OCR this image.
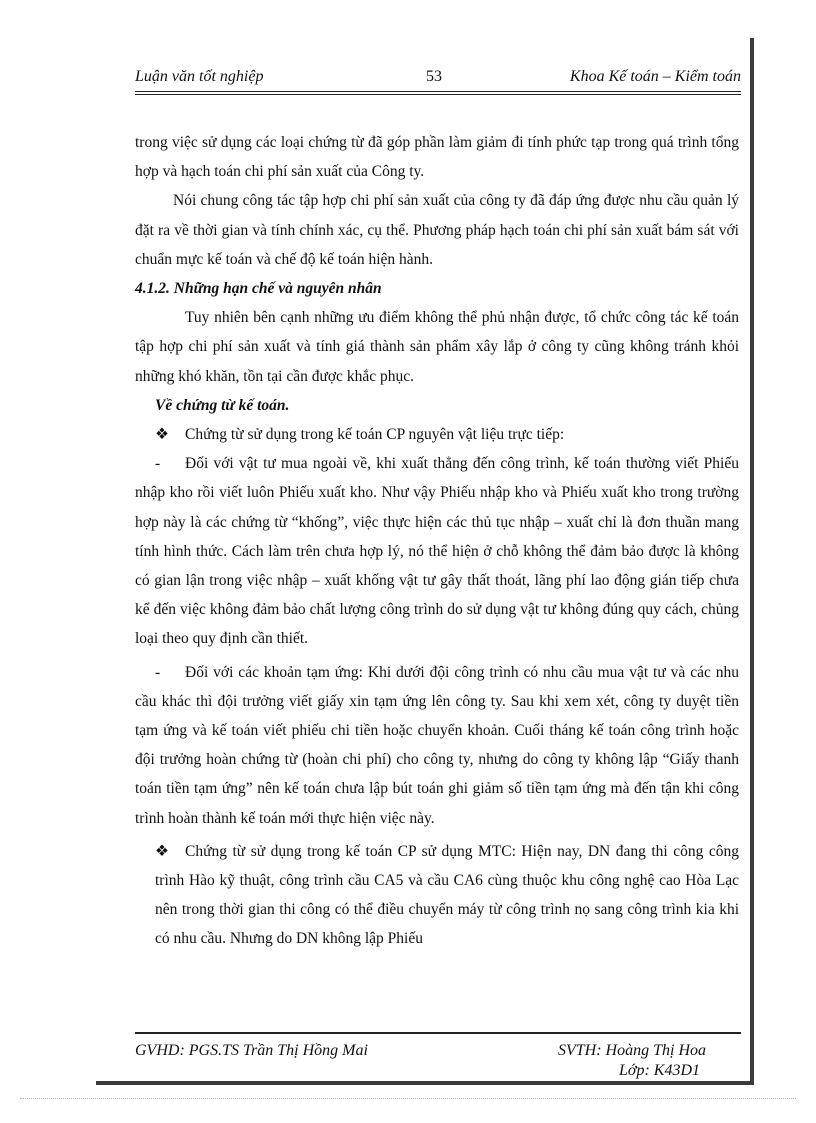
Luận văn tốt nghiệp	53	Khoa Kế toán – Kiểm toán

trong việc sử dụng các loại chứng từ đã góp phần làm giảm đi tính phức tạp trong quá trình tổng hợp và hạch toán chi phí sản xuất của Công ty.

Nói chung công tác tập hợp chi phí sản xuất của công ty đã đáp ứng được nhu cầu quản lý đặt ra về thời gian và tính chính xác, cụ thể. Phương pháp hạch toán chi phí sản xuất bám sát với chuẩn mực kế toán và chế độ kế toán hiện hành.

4.1.2. Những hạn chế và nguyên nhân

Tuy nhiên bên cạnh những ưu điểm không thể phủ nhận được, tổ chức công tác kế toán tập hợp chi phí sản xuất và tính giá thành sản phẩm xây lắp ở công ty cũng không tránh khỏi những khó khăn, tồn tại cần được khắc phục.

Về chứng từ kế toán.

❖ Chứng từ sử dụng trong kế toán CP nguyên vật liệu trực tiếp:

- Đối với vật tư mua ngoài về, khi xuất thẳng đến công trình, kế toán thường viết Phiếu nhập kho rồi viết luôn Phiếu xuất kho. Như vậy Phiếu nhập kho và Phiếu xuất kho trong trường hợp này là các chứng từ “khống”, việc thực hiện các thủ tục nhập – xuất chỉ là đơn thuần mang tính hình thức. Cách làm trên chưa hợp lý, nó thể hiện ở chỗ không thể đảm bảo được là không có gian lận trong việc nhập – xuất khống vật tư gây thất thoát, lãng phí lao động gián tiếp chưa kể đến việc không đảm bảo chất lượng công trình do sử dụng vật tư không đúng quy cách, chủng loại theo quy định cần thiết.

- Đối với các khoản tạm ứng: Khi dưới đội công trình có nhu cầu mua vật tư và các nhu cầu khác thì đội trưởng viết giấy xin tạm ứng lên công ty. Sau khi xem xét, công ty duyệt tiền tạm ứng và kế toán viết phiếu chi tiền hoặc chuyển khoản. Cuối tháng kế toán công trình hoặc đội trưởng hoàn chứng từ (hoàn chi phí) cho công ty, nhưng do công ty không lập “Giấy thanh toán tiền tạm ứng” nên kế toán chưa lập bút toán ghi giảm số tiền tạm ứng mà đến tận khi công trình hoàn thành kế toán mới thực hiện việc này.

❖ Chứng từ sử dụng trong kế toán CP sử dụng MTC: Hiện nay, DN đang thi công công trình Hào kỹ thuật, công trình cầu CA5 và cầu CA6 cùng thuộc khu công nghệ cao Hòa Lạc nên trong thời gian thi công có thể điều chuyển máy từ công trình nọ sang công trình kia khi có nhu cầu. Nhưng do DN không lập Phiếu

GVHD: PGS.TS Trần Thị Hồng Mai	SVTH: Hoàng Thị Hoa
Lớp: K43D1
